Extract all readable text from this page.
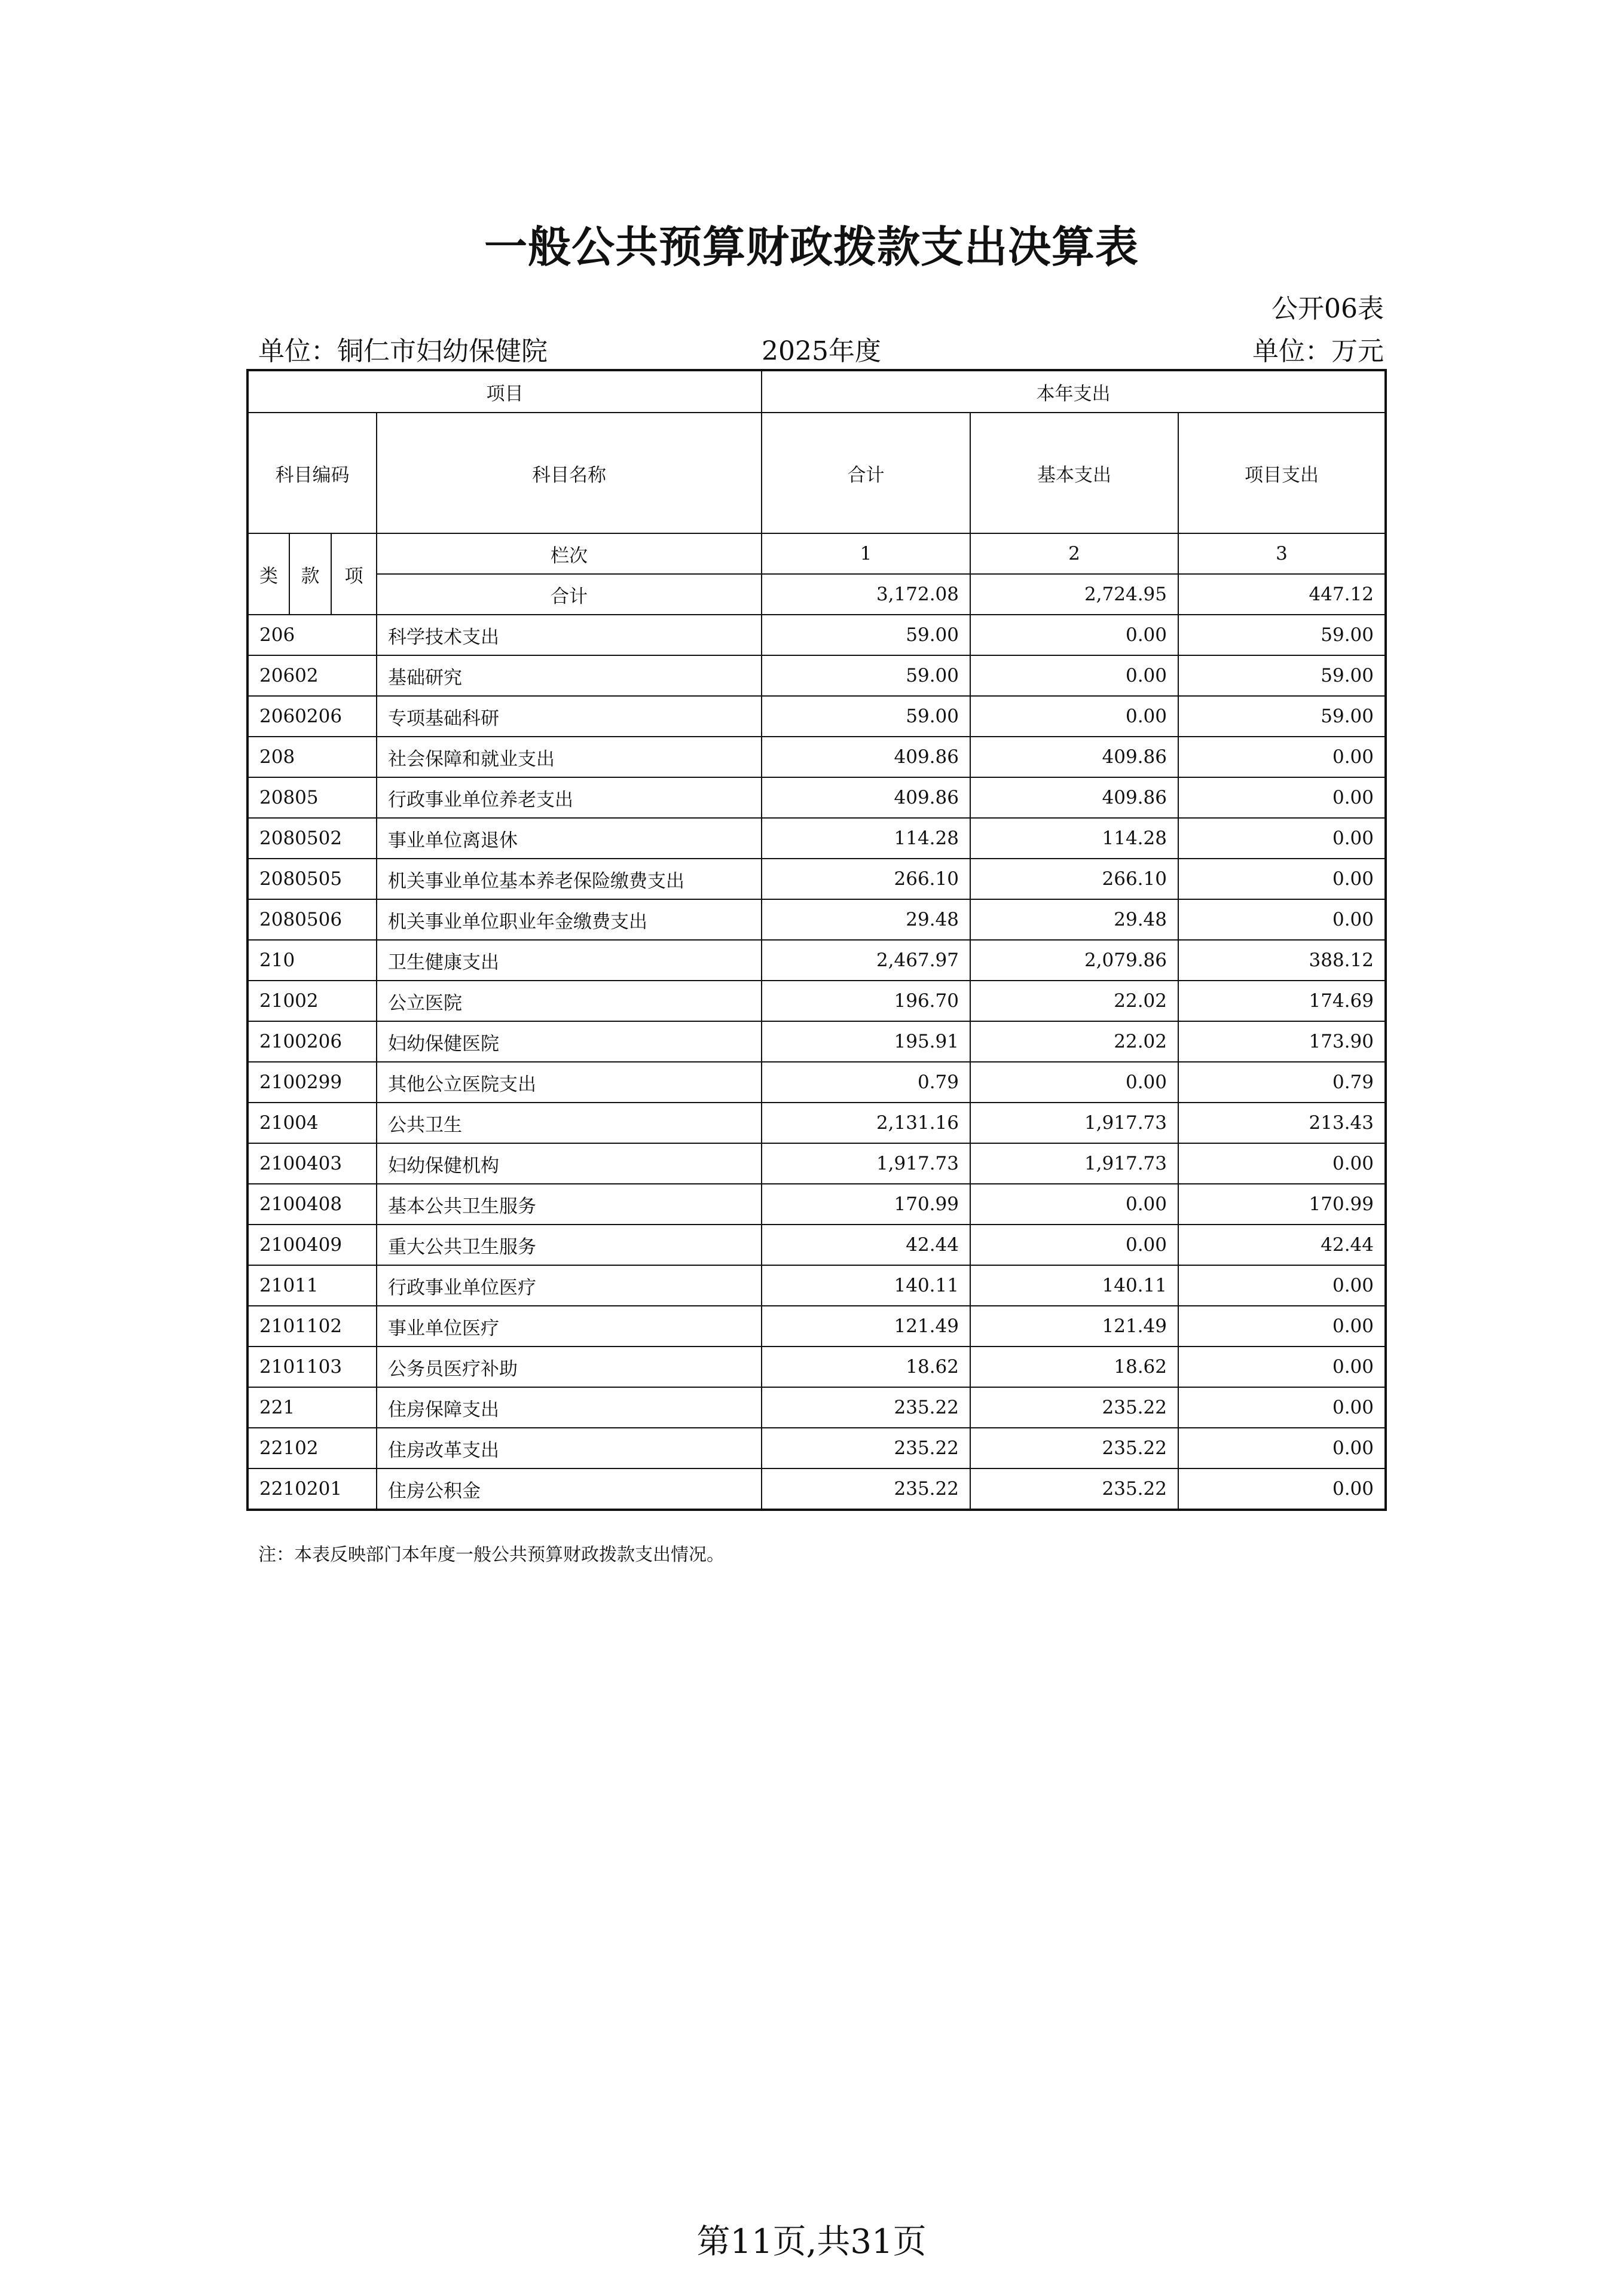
一般公共预算财政拨款支出决算表
公开06表
单位：铜仁市妇幼保健院	2025年度	单位：万元
项目				本年支出		
科目编码			科目名称	合计	基本支出	项目支出
类	款	项	栏次	1	2	3
			合计	3,172.08	2,724.95	447.12
206			科学技术支出	59.00	0.00	59.00
20602			基础研究	59.00	0.00	59.00
2060206			专项基础科研	59.00	0.00	59.00
208			社会保障和就业支出	409.86	409.86	0.00
20805			行政事业单位养老支出	409.86	409.86	0.00
2080502			事业单位离退休	114.28	114.28	0.00
2080505			机关事业单位基本养老保险缴费支出	266.10	266.10	0.00
2080506			机关事业单位职业年金缴费支出	29.48	29.48	0.00
210			卫生健康支出	2,467.97	2,079.86	388.12
21002			公立医院	196.70	22.02	174.69
2100206			妇幼保健医院	195.91	22.02	173.90
2100299			其他公立医院支出	0.79	0.00	0.79
21004			公共卫生	2,131.16	1,917.73	213.43
2100403			妇幼保健机构	1,917.73	1,917.73	0.00
2100408			基本公共卫生服务	170.99	0.00	170.99
2100409			重大公共卫生服务	42.44	0.00	42.44
21011			行政事业单位医疗	140.11	140.11	0.00
2101102			事业单位医疗	121.49	121.49	0.00
2101103			公务员医疗补助	18.62	18.62	0.00
221			住房保障支出	235.22	235.22	0.00
22102			住房改革支出	235.22	235.22	0.00
2210201			住房公积金	235.22	235.22	0.00
注：本表反映部门本年度一般公共预算财政拨款支出情况。
第11页,共31页
